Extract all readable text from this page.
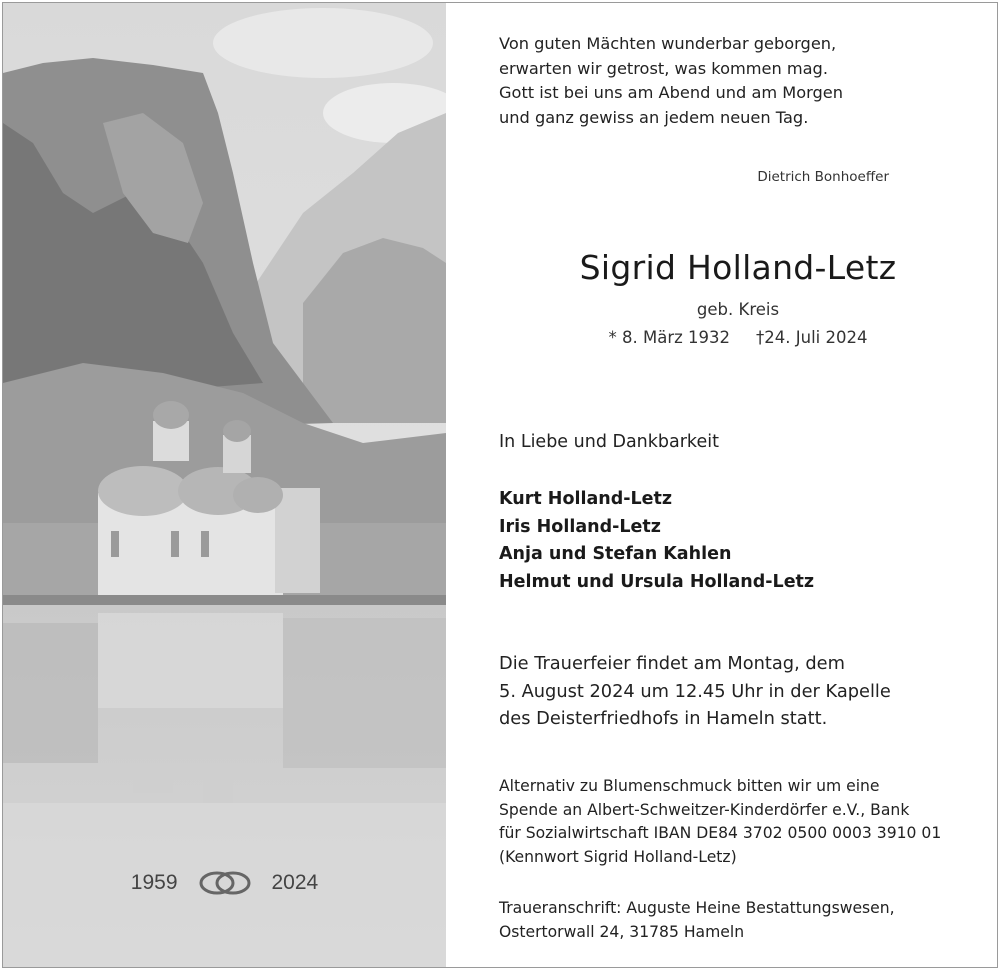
1959	2024
Von guten Mächten wunderbar geborgen,
erwarten wir getrost, was kommen mag.
Gott ist bei uns am Abend und am Morgen
und ganz gewiss an jedem neuen Tag.
Dietrich Bonhoeffer
Sigrid Holland-Letz
geb. Kreis
* 8. März 1932 †24. Juli 2024
In Liebe und Dankbarkeit
Kurt Holland-Letz
Iris Holland-Letz
Anja und Stefan Kahlen
Helmut und Ursula Holland-Letz
Die Trauerfeier findet am Montag, dem
5. August 2024 um 12.45 Uhr in der Kapelle
des Deisterfriedhofs in Hameln statt.
Alternativ zu Blumenschmuck bitten wir um eine
Spende an Albert-Schweitzer-Kinderdörfer e.V., Bank
für Sozialwirtschaft IBAN DE84 3702 0500 0003 3910 01
(Kennwort Sigrid Holland-Letz)
Traueranschrift: Auguste Heine Bestattungswesen,
Ostertorwall 24, 31785 Hameln
